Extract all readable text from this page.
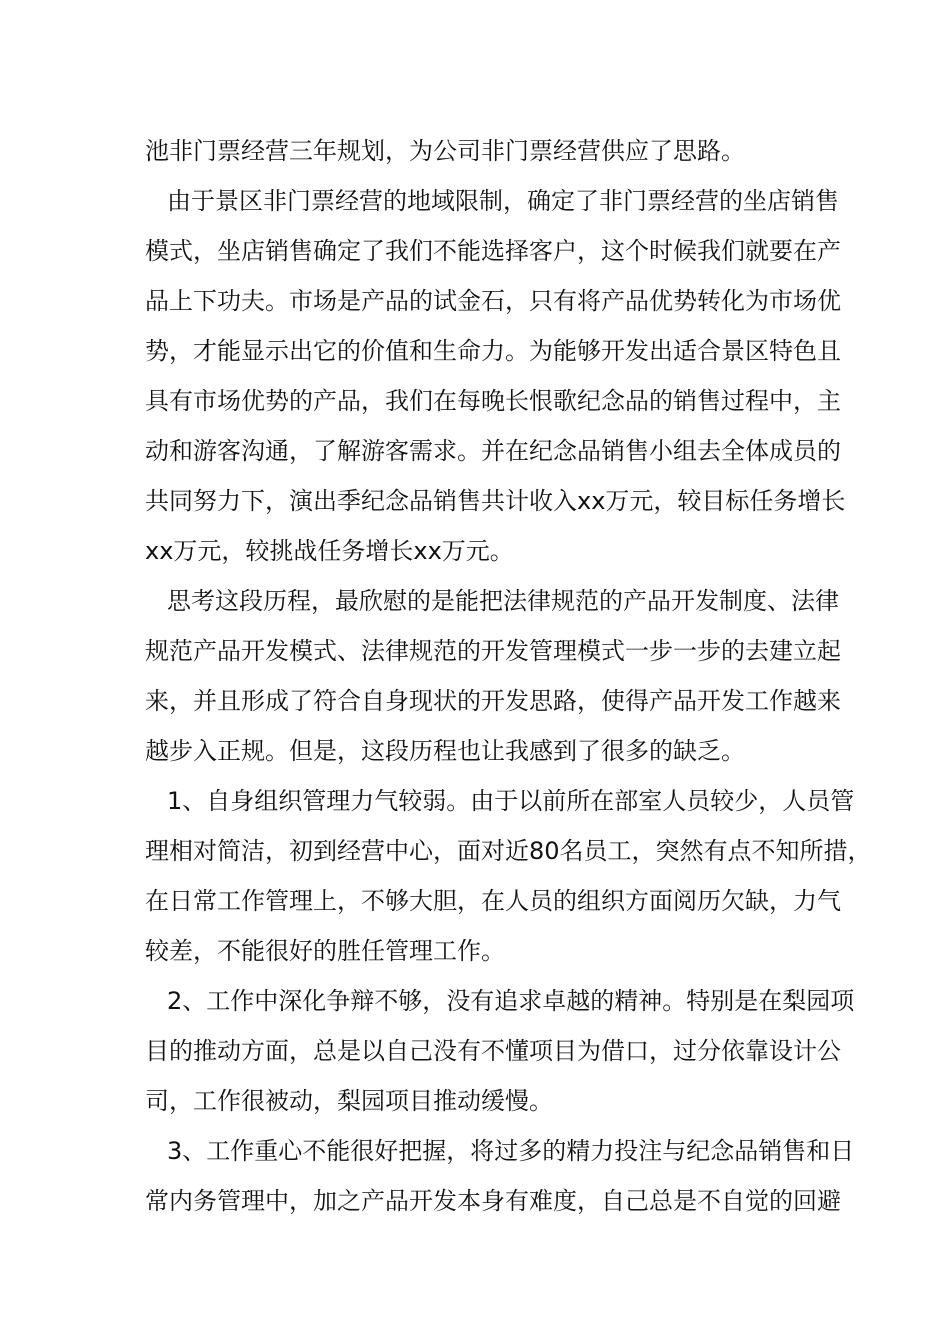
池非门票经营三年规划，为公司非门票经营供应了思路。
由于景区非门票经营的地域限制，确定了非门票经营的坐店销售
模式，坐店销售确定了我们不能选择客户，这个时候我们就要在产
品上下功夫。市场是产品的试金石，只有将产品优势转化为市场优
势，才能显示出它的价值和生命力。为能够开发出适合景区特色且
具有市场优势的产品，我们在每晚长恨歌纪念品的销售过程中，主
动和游客沟通，了解游客需求。并在纪念品销售小组去全体成员的
共同努力下，演出季纪念品销售共计收入xx万元，较目标任务增长
xx万元，较挑战任务增长xx万元。
思考这段历程，最欣慰的是能把法律规范的产品开发制度、法律
规范产品开发模式、法律规范的开发管理模式一步一步的去建立起
来，并且形成了符合自身现状的开发思路，使得产品开发工作越来
越步入正规。但是，这段历程也让我感到了很多的缺乏。
1、自身组织管理力气较弱。由于以前所在部室人员较少，人员管
理相对简洁，初到经营中心，面对近80名员工，突然有点不知所措，
在日常工作管理上，不够大胆，在人员的组织方面阅历欠缺，力气
较差，不能很好的胜任管理工作。
2、工作中深化争辩不够，没有追求卓越的精神。特别是在梨园项
目的推动方面，总是以自己没有不懂项目为借口，过分依靠设计公
司，工作很被动，梨园项目推动缓慢。
3、工作重心不能很好把握，将过多的精力投注与纪念品销售和日
常内务管理中，加之产品开发本身有难度，自己总是不自觉的回避
